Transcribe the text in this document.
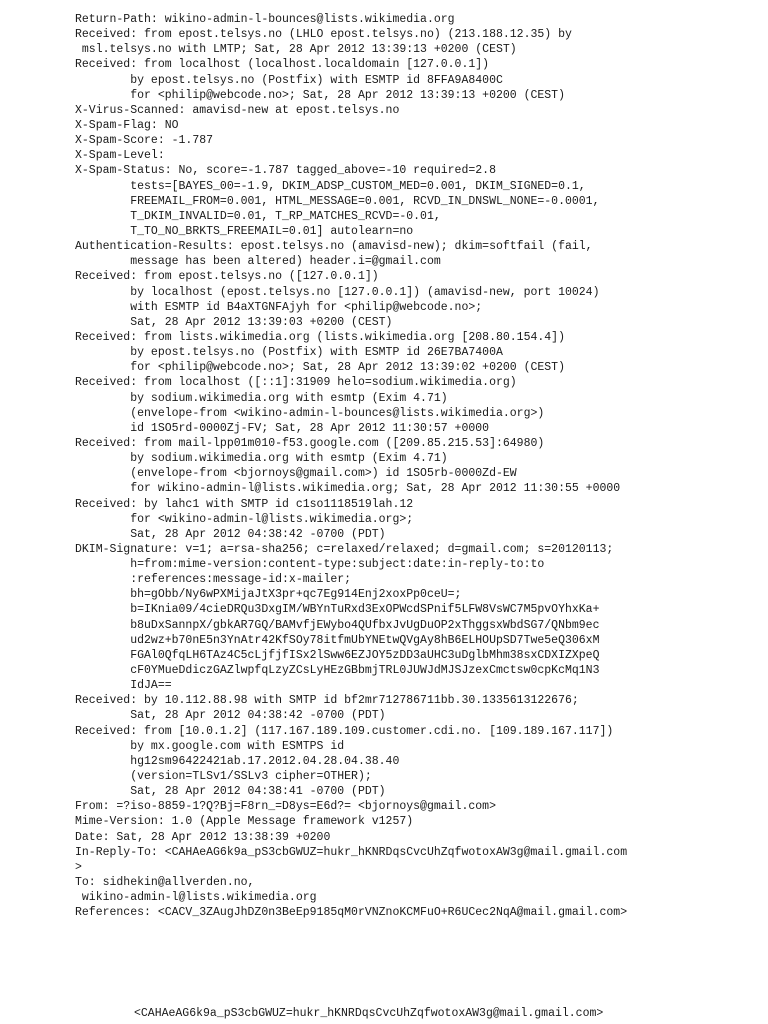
Return-Path: wikino-admin-l-bounces@lists.wikimedia.org
Received: from epost.telsys.no (LHLO epost.telsys.no) (213.188.12.35) by
msl.telsys.no with LMTP; Sat, 28 Apr 2012 13:39:13 +0200 (CEST)
Received: from localhost (localhost.localdomain [127.0.0.1])
by epost.telsys.no (Postfix) with ESMTP id 8FFA9A8400C
for <philip@webcode.no>; Sat, 28 Apr 2012 13:39:13 +0200 (CEST)
X-Virus-Scanned: amavisd-new at epost.telsys.no
X-Spam-Flag: NO
X-Spam-Score: -1.787
X-Spam-Level:
X-Spam-Status: No, score=-1.787 tagged_above=-10 required=2.8
tests=[BAYES_00=-1.9, DKIM_ADSP_CUSTOM_MED=0.001, DKIM_SIGNED=0.1,
FREEMAIL_FROM=0.001, HTML_MESSAGE=0.001, RCVD_IN_DNSWL_NONE=-0.0001,
T_DKIM_INVALID=0.01, T_RP_MATCHES_RCVD=-0.01,
T_TO_NO_BRKTS_FREEMAIL=0.01] autolearn=no
Authentication-Results: epost.telsys.no (amavisd-new); dkim=softfail (fail,
message has been altered) header.i=@gmail.com
Received: from epost.telsys.no ([127.0.0.1])
by localhost (epost.telsys.no [127.0.0.1]) (amavisd-new, port 10024)
with ESMTP id B4aXTGNFAjyh for <philip@webcode.no>;
Sat, 28 Apr 2012 13:39:03 +0200 (CEST)
Received: from lists.wikimedia.org (lists.wikimedia.org [208.80.154.4])
by epost.telsys.no (Postfix) with ESMTP id 26E7BA7400A
for <philip@webcode.no>; Sat, 28 Apr 2012 13:39:02 +0200 (CEST)
Received: from localhost ([::1]:31909 helo=sodium.wikimedia.org)
by sodium.wikimedia.org with esmtp (Exim 4.71)
(envelope-from <wikino-admin-l-bounces@lists.wikimedia.org>)
id 1SO5rd-0000Zj-FV; Sat, 28 Apr 2012 11:30:57 +0000
Received: from mail-lpp01m010-f53.google.com ([209.85.215.53]:64980)
by sodium.wikimedia.org with esmtp (Exim 4.71)
(envelope-from <bjornoys@gmail.com>) id 1SO5rb-0000Zd-EW
for wikino-admin-l@lists.wikimedia.org; Sat, 28 Apr 2012 11:30:55 +0000
Received: by lahc1 with SMTP id c1so1118519lah.12
for <wikino-admin-l@lists.wikimedia.org>;
Sat, 28 Apr 2012 04:38:42 -0700 (PDT)
DKIM-Signature: v=1; a=rsa-sha256; c=relaxed/relaxed; d=gmail.com; s=20120113;
h=from:mime-version:content-type:subject:date:in-reply-to:to
:references:message-id:x-mailer;
bh=gObb/Ny6wPXMijaJtX3pr+qc7Eg914Enj2xoxPp0ceU=;
b=IKnia09/4cieDRQu3DxgIM/WBYnTuRxd3ExOPWcdSPnif5LFW8VsWC7M5pvOYhxKa+
b8uDxSannpX/gbkAR7GQ/BAMvfjEWybo4QUfbxJvUgDuOP2xThggsxWbdSG7/QNbm9ec
ud2wz+b70nE5n3YnAtr42KfSOy78itfmUbYNEtwQVgAy8hB6ELHOUpSD7Twe5eQ306xM
FGAl0QfqLH6TAz4C5cLjfjfISx2lSww6EZJOY5zDD3aUHC3uDglbMhm38sxCDXIZXpeQ
cF0YMueDdiczGAZlwpfqLzyZCsLyHEzGBbmjTRL0JUWJdMJSJzexCmctsw0cpKcMq1N3
IdJA==
Received: by 10.112.88.98 with SMTP id bf2mr712786711bb.30.1335613122676;
Sat, 28 Apr 2012 04:38:42 -0700 (PDT)
Received: from [10.0.1.2] (117.167.189.109.customer.cdi.no. [109.189.167.117])
by mx.google.com with ESMTPS id
hg12sm96422421ab.17.2012.04.28.04.38.40
(version=TLSv1/SSLv3 cipher=OTHER);
Sat, 28 Apr 2012 04:38:41 -0700 (PDT)
From: =?iso-8859-1?Q?Bj=F8rn_=D8ys=E6d?= <bjornoys@gmail.com>
Mime-Version: 1.0 (Apple Message framework v1257)
Date: Sat, 28 Apr 2012 13:38:39 +0200
In-Reply-To: <CAHAeAG6k9a_pS3cbGWUZ=hukr_hKNRDqsCvcUhZqfwotoxAW3g@mail.gmail.com
>
To: sidhekin@allverden.no,
wikino-admin-l@lists.wikimedia.org
References: <CACV_3ZAugJhDZ0n3BeEp9185qM0rVNZnoKCMFuO+R6UCec2NqA@mail.gmail.com>
<CAHAeAG6k9a_pS3cbGWUZ=hukr_hKNRDqsCvcUhZqfwotoxAW3g@mail.gmail.com>
